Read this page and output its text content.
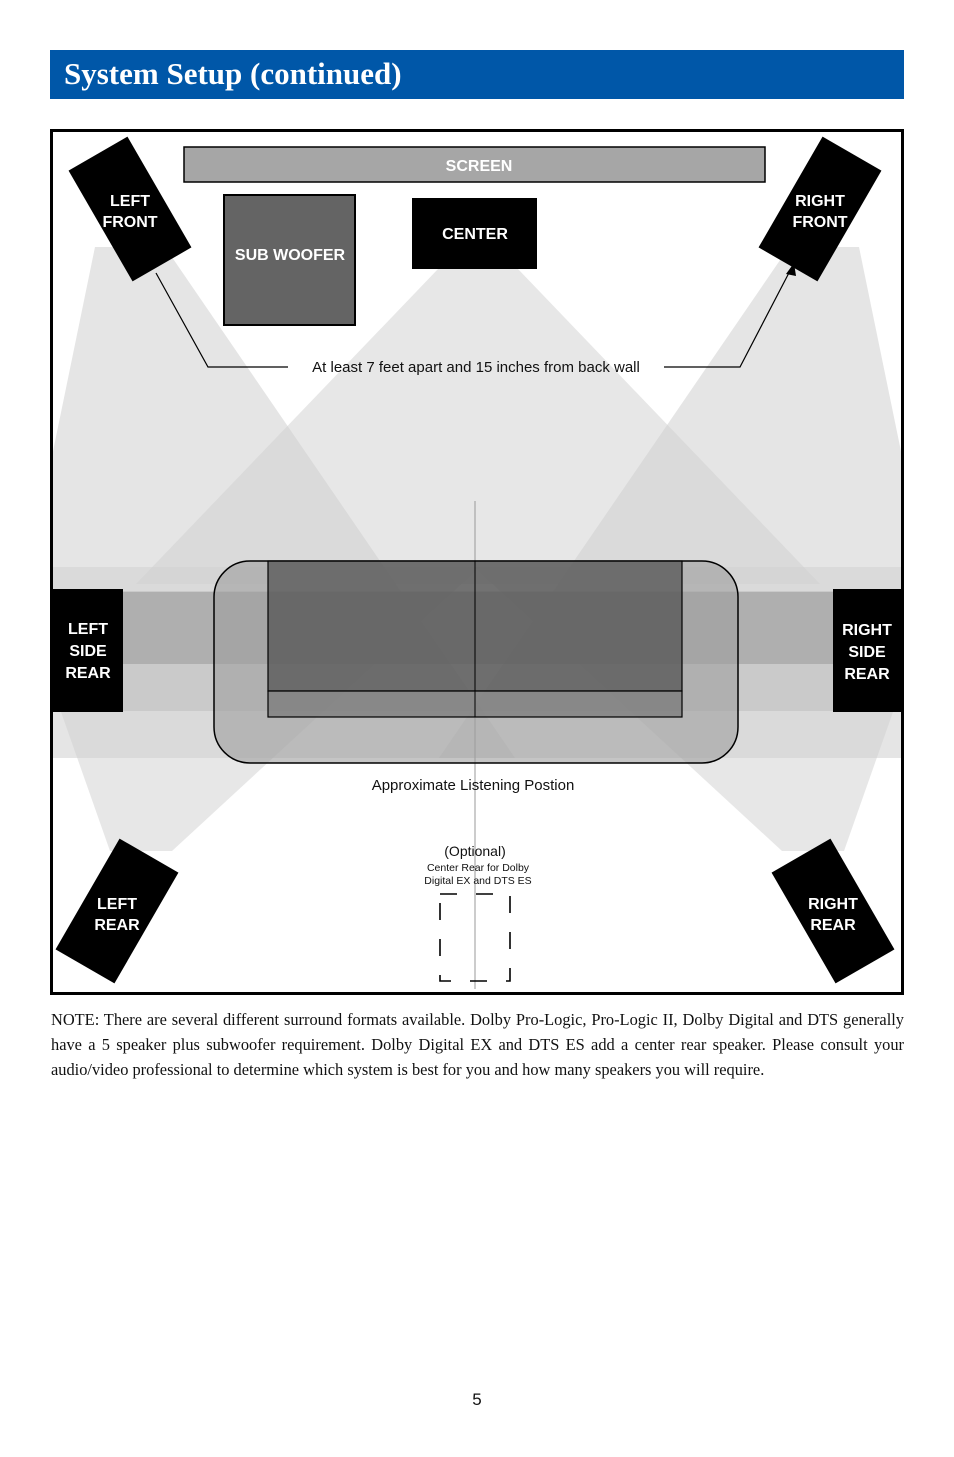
System Setup (continued)
Approximate Listening Postion
SCREEN
SUB WOOFER
CENTER
LEFT
FRONT
RIGHT
FRONT
LEFT
SIDE
REAR
RIGHT
SIDE
REAR
LEFT
REAR
RIGHT
REAR
At least 7 feet apart and 15 inches from back wall
(Optional)
Center Rear for Dolby
Digital EX and DTS ES

NOTE: There are several different surround formats available. Dolby Pro-Logic, Pro-Logic II, Dolby Digital and DTS generally have a 5 speaker plus subwoofer requirement. Dolby Digital EX and DTS ES add a center rear speaker. Please consult your audio/video professional to determine which system is best for you and how many speakers you will require.

5
